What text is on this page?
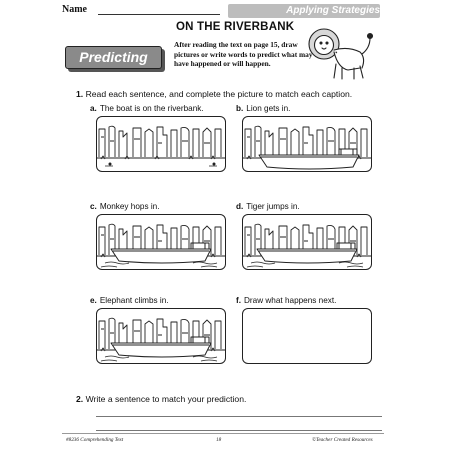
Name	Applying Strategies
ON THE RIVERBANK
Predicting
After reading the text on page 15, draw pictures or write words to predict what may have happened or will happen.
1. Read each sentence, and complete the picture to match each caption.
a. The boat is on the riverbank.	b. Lion gets in.
c. Monkey hops in.	d. Tiger jumps in.
e. Elephant climbs in.	f. Draw what happens next.
2. Write a sentence to match your prediction.
#8236 Comprehending Text	18	©Teacher Created Resources
